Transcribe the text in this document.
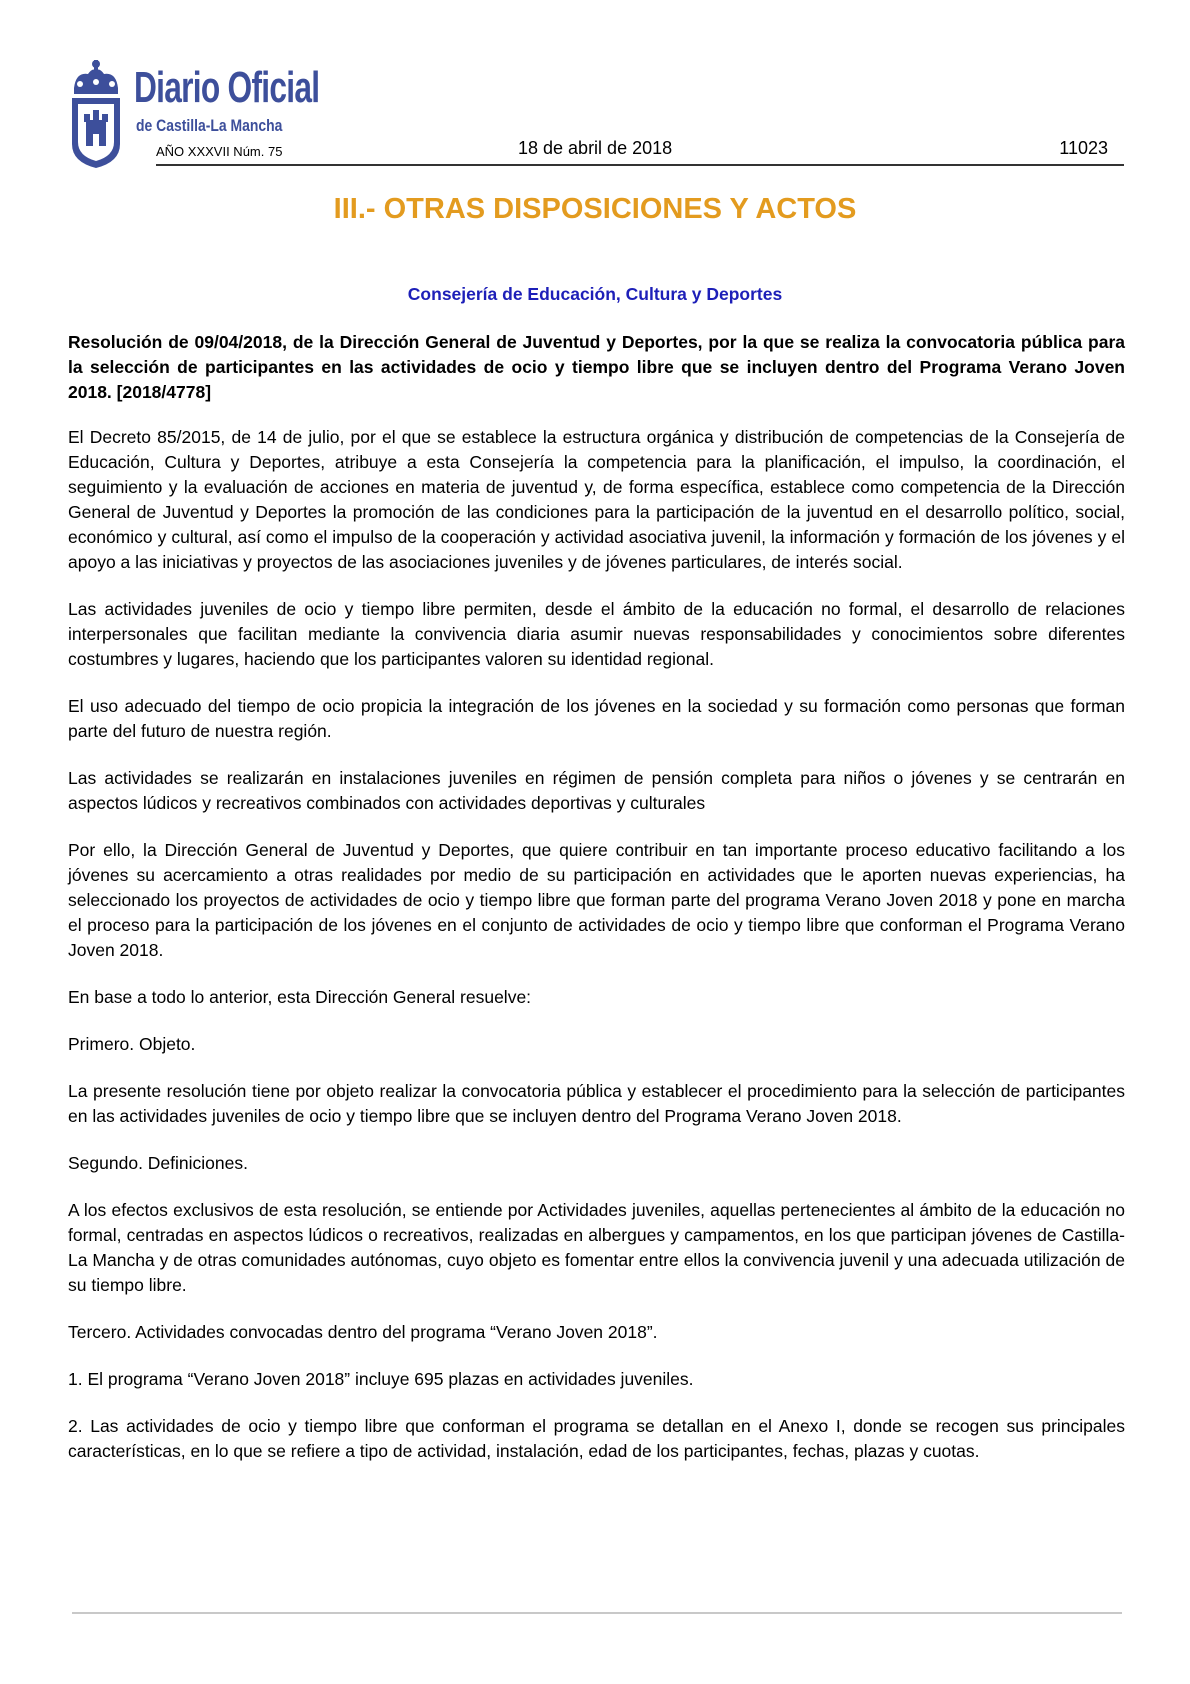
Diario Oficial
de Castilla-La Mancha
AÑO XXXVII Núm. 75	18 de abril de 2018	11023
III.- OTRAS DISPOSICIONES Y ACTOS
Consejería de Educación, Cultura y Deportes

Resolución de 09/04/2018, de la Dirección General de Juventud y Deportes, por la que se realiza la convocatoria pública para la selección de participantes en las actividades de ocio y tiempo libre que se incluyen dentro del Programa Verano Joven 2018. [2018/4778]

El Decreto 85/2015, de 14 de julio, por el que se establece la estructura orgánica y distribución de competencias de la Consejería de Educación, Cultura y Deportes, atribuye a esta Consejería la competencia para la planificación, el impulso, la coordinación, el seguimiento y la evaluación de acciones en materia de juventud y, de forma específica, establece como competencia de la Dirección General de Juventud y Deportes la promoción de las condiciones para la participación de la juventud en el desarrollo político, social, económico y cultural, así como el impulso de la cooperación y actividad asociativa juvenil, la información y formación de los jóvenes y el apoyo a las iniciativas y proyectos de las asociaciones juveniles y de jóvenes particulares, de interés social.

Las actividades juveniles de ocio y tiempo libre permiten, desde el ámbito de la educación no formal, el desarrollo de relaciones interpersonales que facilitan mediante la convivencia diaria asumir nuevas responsabilidades y conocimientos sobre diferentes costumbres y lugares, haciendo que los participantes valoren su identidad regional.

El uso adecuado del tiempo de ocio propicia la integración de los jóvenes en la sociedad y su formación como personas que forman parte del futuro de nuestra región.

Las actividades se realizarán en instalaciones juveniles en régimen de pensión completa para niños o jóvenes y se centrarán en aspectos lúdicos y recreativos combinados con actividades deportivas y culturales

Por ello, la Dirección General de Juventud y Deportes, que quiere contribuir en tan importante proceso educativo facilitando a los jóvenes su acercamiento a otras realidades por medio de su participación en actividades que le aporten nuevas experiencias, ha seleccionado los proyectos de actividades de ocio y tiempo libre que forman parte del programa Verano Joven 2018 y pone en marcha el proceso para la participación de los jóvenes en el conjunto de actividades de ocio y tiempo libre que conforman el Programa Verano Joven 2018.

En base a todo lo anterior, esta Dirección General resuelve:

Primero. Objeto.

La presente resolución tiene por objeto realizar la convocatoria pública y establecer el procedimiento para la selección de participantes en las actividades juveniles de ocio y tiempo libre que se incluyen dentro del Programa Verano Joven 2018.

Segundo. Definiciones.

A los efectos exclusivos de esta resolución, se entiende por Actividades juveniles, aquellas pertenecientes al ámbito de la educación no formal, centradas en aspectos lúdicos o recreativos, realizadas en albergues y campamentos, en los que participan jóvenes de Castilla-La Mancha y de otras comunidades autónomas, cuyo objeto es fomentar entre ellos la convivencia juvenil y una adecuada utilización de su tiempo libre.

Tercero. Actividades convocadas dentro del programa “Verano Joven 2018”.

1. El programa “Verano Joven 2018” incluye 695 plazas en actividades juveniles.

2. Las actividades de ocio y tiempo libre que conforman el programa se detallan en el Anexo I, donde se recogen sus principales características, en lo que se refiere a tipo de actividad, instalación, edad de los participantes, fechas, plazas y cuotas.
